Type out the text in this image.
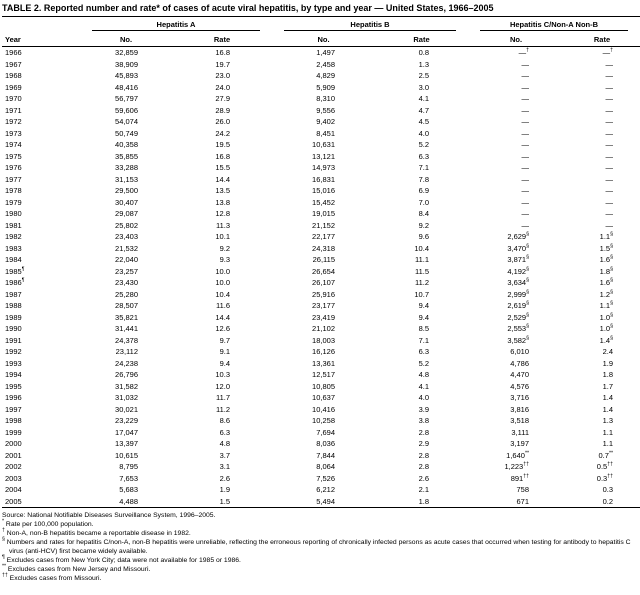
TABLE 2. Reported number and rate* of cases of acute viral hepatitis, by type and year — United States, 1966–2005
Year	Hepatitis A		Hepatitis B		Hepatitis C/Non-A Non-B	

	No.	Rate	No.	Rate	No.	Rate
1966	32,859	16.8	1,497	0.8	—†	—†
1967	38,909	19.7	2,458	1.3	—	—
1968	45,893	23.0	4,829	2.5	—	—
1969	48,416	24.0	5,909	3.0	—	—
1970	56,797	27.9	8,310	4.1	—	—
1971	59,606	28.9	9,556	4.7	—	—
1972	54,074	26.0	9,402	4.5	—	—
1973	50,749	24.2	8,451	4.0	—	—
1974	40,358	19.5	10,631	5.2	—	—
1975	35,855	16.8	13,121	6.3	—	—
1976	33,288	15.5	14,973	7.1	—	—
1977	31,153	14.4	16,831	7.8	—	—
1978	29,500	13.5	15,016	6.9	—	—
1979	30,407	13.8	15,452	7.0	—	—
1980	29,087	12.8	19,015	8.4	—	—
1981	25,802	11.3	21,152	9.2	—	—
1982	23,403	10.1	22,177	9.6	2,629§	1.1§
1983	21,532	9.2	24,318	10.4	3,470§	1.5§
1984	22,040	9.3	26,115	11.1	3,871§	1.6§
1985¶	23,257	10.0	26,654	11.5	4,192§	1.8§
1986¶	23,430	10.0	26,107	11.2	3,634§	1.6§
1987	25,280	10.4	25,916	10.7	2,999§	1.2§
1988	28,507	11.6	23,177	9.4	2,619§	1.1§
1989	35,821	14.4	23,419	9.4	2,529§	1.0§
1990	31,441	12.6	21,102	8.5	2,553§	1.0§
1991	24,378	9.7	18,003	7.1	3,582§	1.4§
1992	23,112	9.1	16,126	6.3	6,010	2.4
1993	24,238	9.4	13,361	5.2	4,786	1.9
1994	26,796	10.3	12,517	4.8	4,470	1.8
1995	31,582	12.0	10,805	4.1	4,576	1.7
1996	31,032	11.7	10,637	4.0	3,716	1.4
1997	30,021	11.2	10,416	3.9	3,816	1.4
1998	23,229	8.6	10,258	3.8	3,518	1.3
1999	17,047	6.3	7,694	2.8	3,111	1.1
2000	13,397	4.8	8,036	2.9	3,197	1.1
2001	10,615	3.7	7,844	2.8	1,640**	0.7**
2002	8,795	3.1	8,064	2.8	1,223††	0.5††
2003	7,653	2.6	7,526	2.6	891††	0.3††
2004	5,683	1.9	6,212	2.1	758	0.3
2005	4,488	1.5	5,494	1.8	671	0.2
Source: National Notifiable Diseases Surveillance System, 1996–2005.
* Rate per 100,000 population.
† Non-A, non-B hepatitis became a reportable disease in 1982.
§ Numbers and rates for hepatitis C/non-A, non-B hepatitis were unreliable, reflecting the erroneous reporting of chronically infected persons as acute cases that occurred when testing for antibody to hepatitis C virus (anti-HCV) first became widely available.
¶ Excludes cases from New York City; data were not available for 1985 or 1986.
** Excludes cases from New Jersey and Missouri.
†† Excludes cases from Missouri.
